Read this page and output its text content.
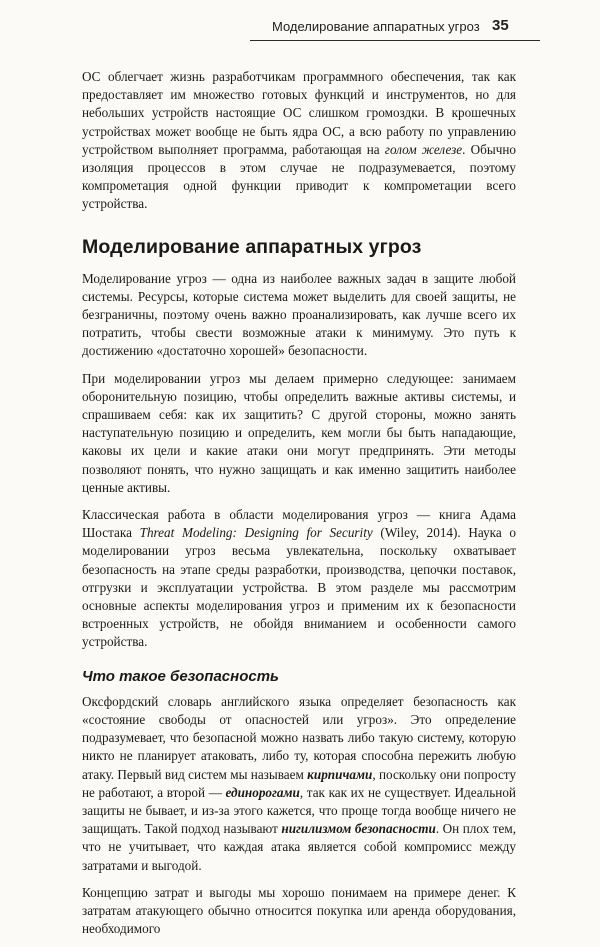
Моделирование аппаратных угроз 35

ОС облегчает жизнь разработчикам программного обеспечения, так как предоставляет им множество готовых функций и инструментов, но для небольших устройств настоящие ОС слишком громоздки. В крошечных устройствах может вообще не быть ядра ОС, а всю работу по управлению устройством выполняет программа, работающая на голом железе. Обычно изоляция процессов в этом случае не подразумевается, поэтому компрометация одной функции приводит к компрометации всего устройства.

Моделирование аппаратных угроз

Моделирование угроз — одна из наиболее важных задач в защите любой системы. Ресурсы, которые система может выделить для своей защиты, не безграничны, поэтому очень важно проанализировать, как лучше всего их потратить, чтобы свести возможные атаки к минимуму. Это путь к достижению «достаточно хорошей» безопасности.

При моделировании угроз мы делаем примерно следующее: занимаем оборонительную позицию, чтобы определить важные активы системы, и спрашиваем себя: как их защитить? С другой стороны, можно занять наступательную позицию и определить, кем могли бы быть нападающие, каковы их цели и какие атаки они могут предпринять. Эти методы позволяют понять, что нужно защищать и как именно защитить наиболее ценные активы.

Классическая работа в области моделирования угроз — книга Адама Шостака Threat Modeling: Designing for Security (Wiley, 2014). Наука о моделировании угроз весьма увлекательна, поскольку охватывает безопасность на этапе среды разработки, производства, цепочки поставок, отгрузки и эксплуатации устройства. В этом разделе мы рассмотрим основные аспекты моделирования угроз и применим их к безопасности встроенных устройств, не обойдя вниманием и особенности самого устройства.

Что такое безопасность

Оксфордский словарь английского языка определяет безопасность как «состояние свободы от опасностей или угроз». Это определение подразумевает, что безопасной можно назвать либо такую систему, которую никто не планирует атаковать, либо ту, которая способна пережить любую атаку. Первый вид систем мы называем кирпичами, поскольку они попросту не работают, а второй — единорогами, так как их не существует. Идеальной защиты не бывает, и из-за этого кажется, что проще тогда вообще ничего не защищать. Такой подход называют нигилизмом безопасности. Он плох тем, что не учитывает, что каждая атака является собой компромисс между затратами и выгодой.

Концепцию затрат и выгоды мы хорошо понимаем на примере денег. К затратам атакующего обычно относится покупка или аренда оборудования, необходимого
